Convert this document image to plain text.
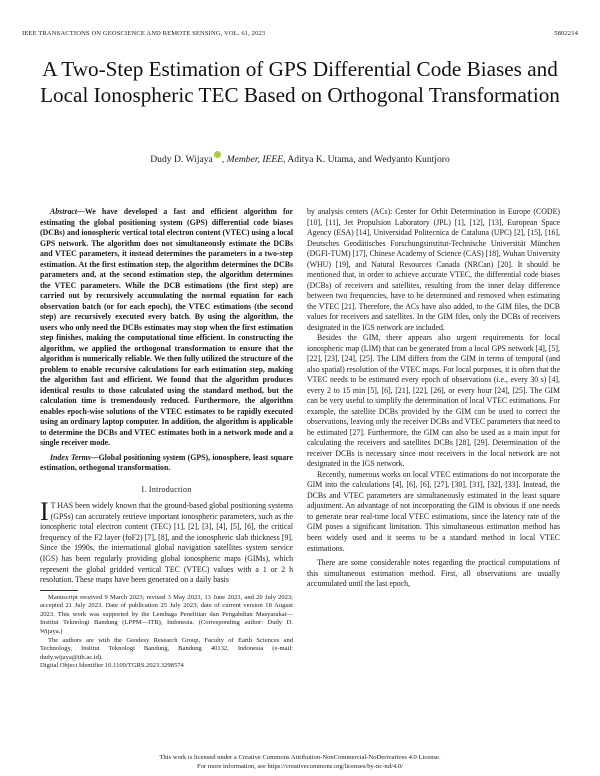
IEEE TRANSACTIONS ON GEOSCIENCE AND REMOTE SENSING, VOL. 61, 2023	5802214
A Two-Step Estimation of GPS Differential Code Biases and Local Ionospheric TEC Based on Orthogonal Transformation
Dudy D. Wijaya , Member, IEEE, Aditya K. Utama, and Wedyanto Kuntjoro

Abstract—We have developed a fast and efficient algorithm for estimating the global positioning system (GPS) differential code biases (DCBs) and ionospheric vertical total electron content (VTEC) using a local GPS network. The algorithm does not simultaneously estimate the DCBs and VTEC parameters, it instead determines the parameters in a two-step estimation. At the first estimation step, the algorithm determines the DCBs parameters and, at the second estimation step, the algorithm determines the VTEC parameters. While the DCB estimations (the first step) are carried out by recursively accumulating the normal equation for each observation batch (or for each epoch), the VTEC estimations (the second step) are recursively executed every batch. By using the algorithm, the users who only need the DCBs estimates may stop when the first estimation step finishes, making the computational time efficient. In constructing the algorithm, we applied the orthogonal transformation to ensure that the algorithm is numerically reliable. We then fully utilized the structure of the problem to enable recursive calculations for each estimation step, making the algorithm fast and efficient. We found that the algorithm produces identical results to those calculated using the standard method, but the calculation time is tremendously reduced. Furthermore, the algorithm enables epoch-wise solutions of the VTEC estimates to be rapidly executed using an ordinary laptop computer. In addition, the algorithm is applicable to determine the DCBs and VTEC estimates both in a network mode and a single receiver mode.

Index Terms—Global positioning system (GPS), ionosphere, least square estimation, orthogonal transformation.

I. Introduction

I T HAS been widely known that the ground-based global positioning systems (GPSs) can accurately retrieve important ionospheric parameters, such as the ionospheric total electron content (TEC) [1], [2], [3], [4], [5], [6], the critical frequency of the F2 layer (foF2) [7], [8], and the ionospheric slab thickness [9]. Since the 1990s, the international global navigation satellites system service (IGS) has been regularly providing global ionospheric maps (GIMs), which represent the global gridded vertical TEC (VTEC) values with a 1 or 2 h resolution. These maps have been generated on a daily basis

Manuscript received 9 March 2023; revised 3 May 2023, 13 June 2023, and 20 July 2023; accepted 21 July 2023. Date of publication 25 July 2023; date of current version 18 August 2023. This work was supported by the Lembaga Penelitian dan Pengabdian Masyarakat—Institut Teknologi Bandung (LPPM—ITB), Indonesia. (Corresponding author: Dudy D. Wijaya.)

The authors are with the Geodesy Research Group, Faculty of Earth Sciences and Technology, Institut Teknologi Bandung, Bandung 40132, Indonesia (e-mail: dudy.wijaya@itb.ac.id).

Digital Object Identifier 10.1109/TGRS.2023.3298574

by analysis centers (ACs): Center for Orbit Determination in Europe (CODE) [10], [11], Jet Propulsion Laboratory (JPL) [1], [12], [13], European Space Agency (ESA) [14], Universidad Politecnica de Cataluna (UPC) [2], [15], [16], Deutsches Geodätisches Forschungsinstitut-Technische Universität München (DGFI-TUM) [17], Chinese Academy of Science (CAS) [18], Wuhan University (WHU) [19], and Natural Resources Canada (NRCan) [20]. It should be mentioned that, in order to achieve accurate VTEC, the differential code biases (DCBs) of receivers and satellites, resulting from the inner delay difference between two frequencies, have to be determined and removed when estimating the VTEC [21]. Therefore, the ACs have also added, to the GIM files, the DCB values for receivers and satellites. In the GIM files, only the DCBs of receivers designated in the IGS network are included.

Besides the GIM, there appears also urgent requirements for local ionospheric map (LIM) that can be generated from a local GPS network [4], [5], [22], [23], [24], [25]. The LIM differs from the GIM in terms of temporal (and also spatial) resolution of the VTEC maps. For local purposes, it is often that the VTEC needs to be estimated every epoch of observations (i.e., every 30 s) [4], every 2 to 15 min [5], [6], [21], [22], [26], or every hour [24], [25]. The GIM can be very useful to simplify the determination of local VTEC estimations. For example, the satellite DCBs provided by the GIM can be used to correct the observations, leaving only the receiver DCBs and VTEC parameters that need to be estimated [27]. Furthermore, the GIM can also be used as a main input for calculating the receivers and satellites DCBs [28], [29]. Determination of the receiver DCBs is necessary since most receivers in the local network are not designated in the IGS network.

Recently, numerous works on local VTEC estimations do not incorporate the GIM into the calculations [4], [6], [6], [27], [30], [31], [32], [33]. Instead, the DCBs and VTEC parameters are simultaneously estimated in the least square adjustment. An advantage of not incorporating the GIM is obvious if one needs to generate near real-time local VTEC estimations, since the latency rate of the GIM poses a significant limitation. This simultaneous estimation method has been widely used and it seems to be a standard method in local VTEC estimations.

There are some considerable notes regarding the practical computations of this simultaneous estimation method. First, all observations are usually accumulated until the last epoch,

This work is licensed under a Creative Commons Attribution-NonCommercial-NoDerivatives 4.0 License.
For more information, see https://creativecommons.org/licenses/by-nc-nd/4.0/
